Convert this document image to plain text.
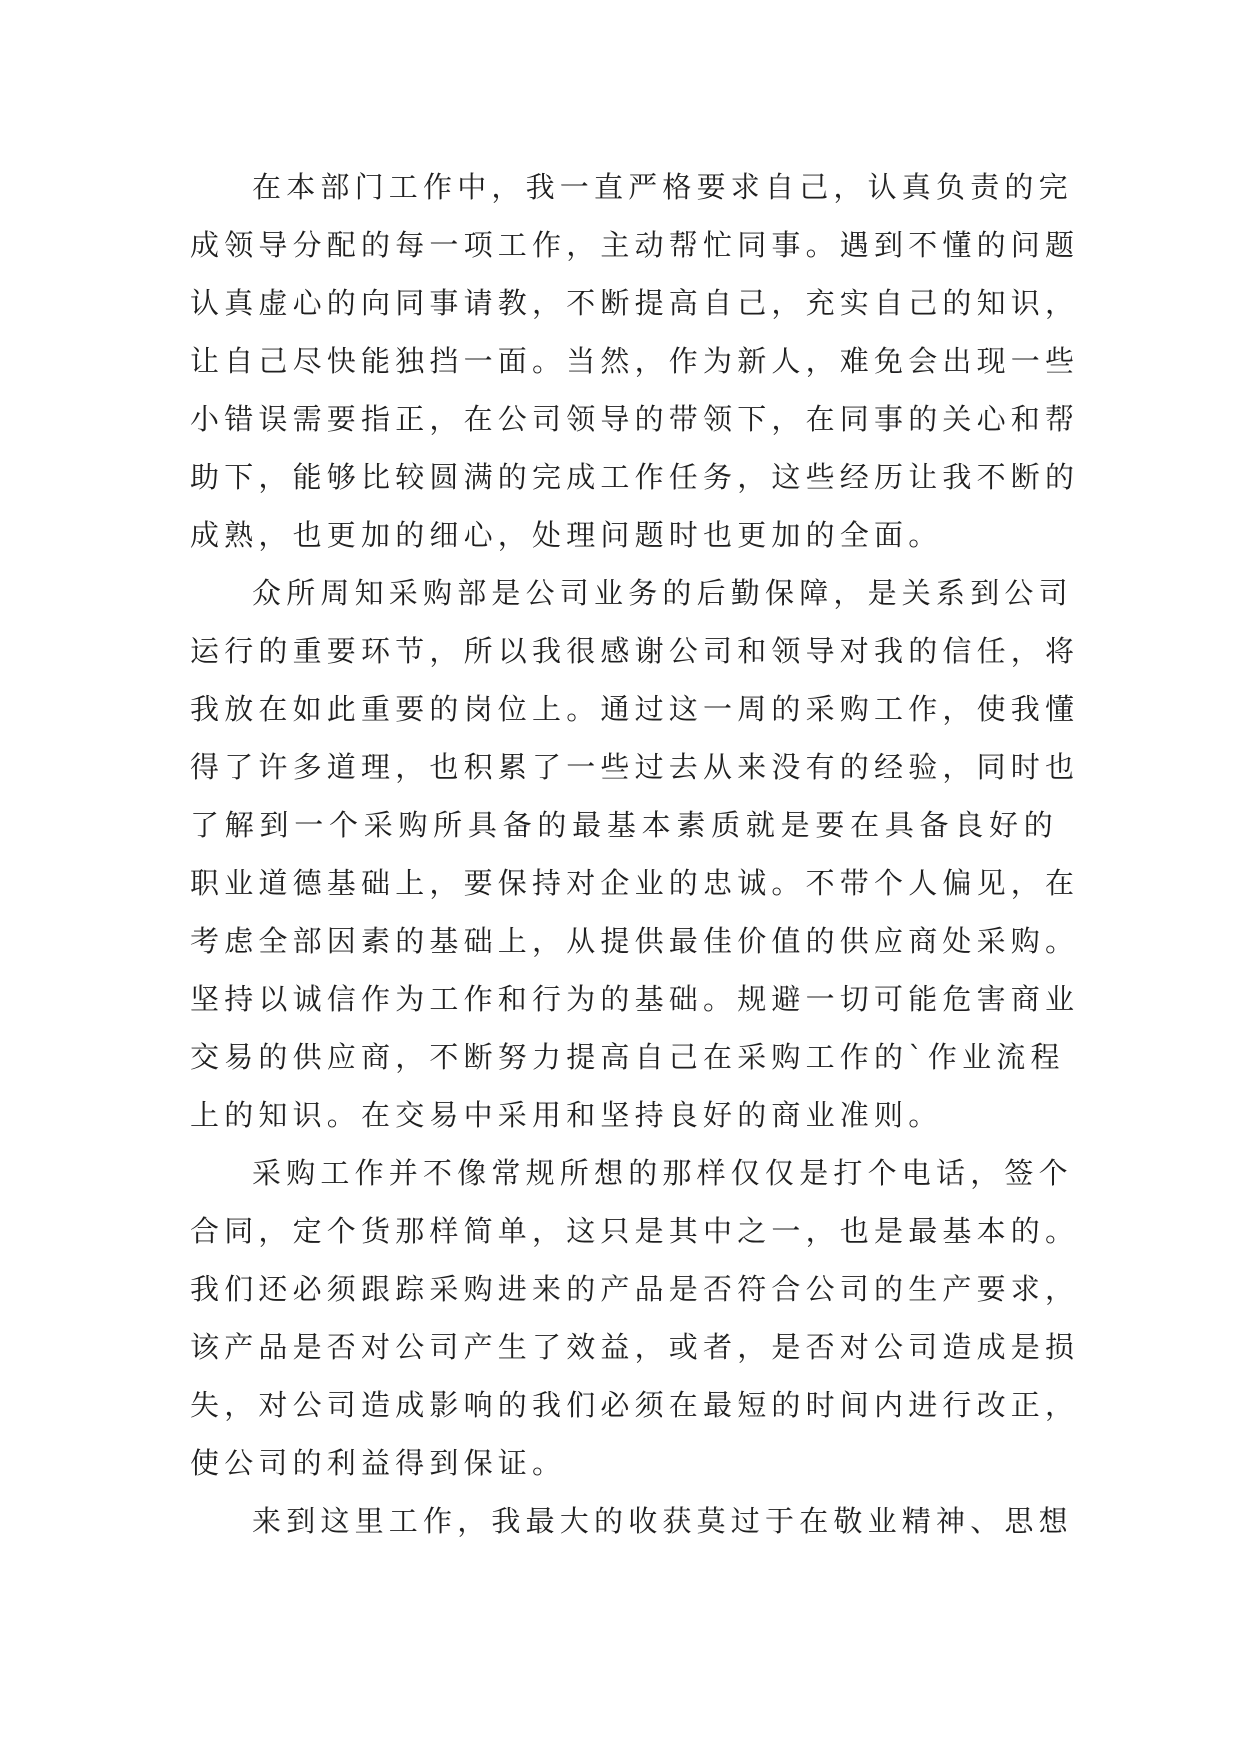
在本部门工作中，我一直严格要求自己，认真负责的完
成领导分配的每一项工作，主动帮忙同事。遇到不懂的问题
认真虚心的向同事请教，不断提高自己，充实自己的知识，
让自己尽快能独挡一面。当然，作为新人，难免会出现一些
小错误需要指正，在公司领导的带领下，在同事的关心和帮
助下，能够比较圆满的完成工作任务，这些经历让我不断的
成熟，也更加的细心，处理问题时也更加的全面。
众所周知采购部是公司业务的后勤保障，是关系到公司
运行的重要环节，所以我很感谢公司和领导对我的信任，将
我放在如此重要的岗位上。通过这一周的采购工作，使我懂
得了许多道理，也积累了一些过去从来没有的经验，同时也
了解到一个采购所具备的最基本素质就是要在具备良好的
职业道德基础上，要保持对企业的忠诚。不带个人偏见，在
考虑全部因素的基础上，从提供最佳价值的供应商处采购。
坚持以诚信作为工作和行为的基础。规避一切可能危害商业
交易的供应商，不断努力提高自己在采购工作的`作业流程
上的知识。在交易中采用和坚持良好的商业准则。
采购工作并不像常规所想的那样仅仅是打个电话，签个
合同，定个货那样简单，这只是其中之一，也是最基本的。
我们还必须跟踪采购进来的产品是否符合公司的生产要求，
该产品是否对公司产生了效益，或者，是否对公司造成是损
失，对公司造成影响的我们必须在最短的时间内进行改正，
使公司的利益得到保证。
来到这里工作，我最大的收获莫过于在敬业精神、思想
